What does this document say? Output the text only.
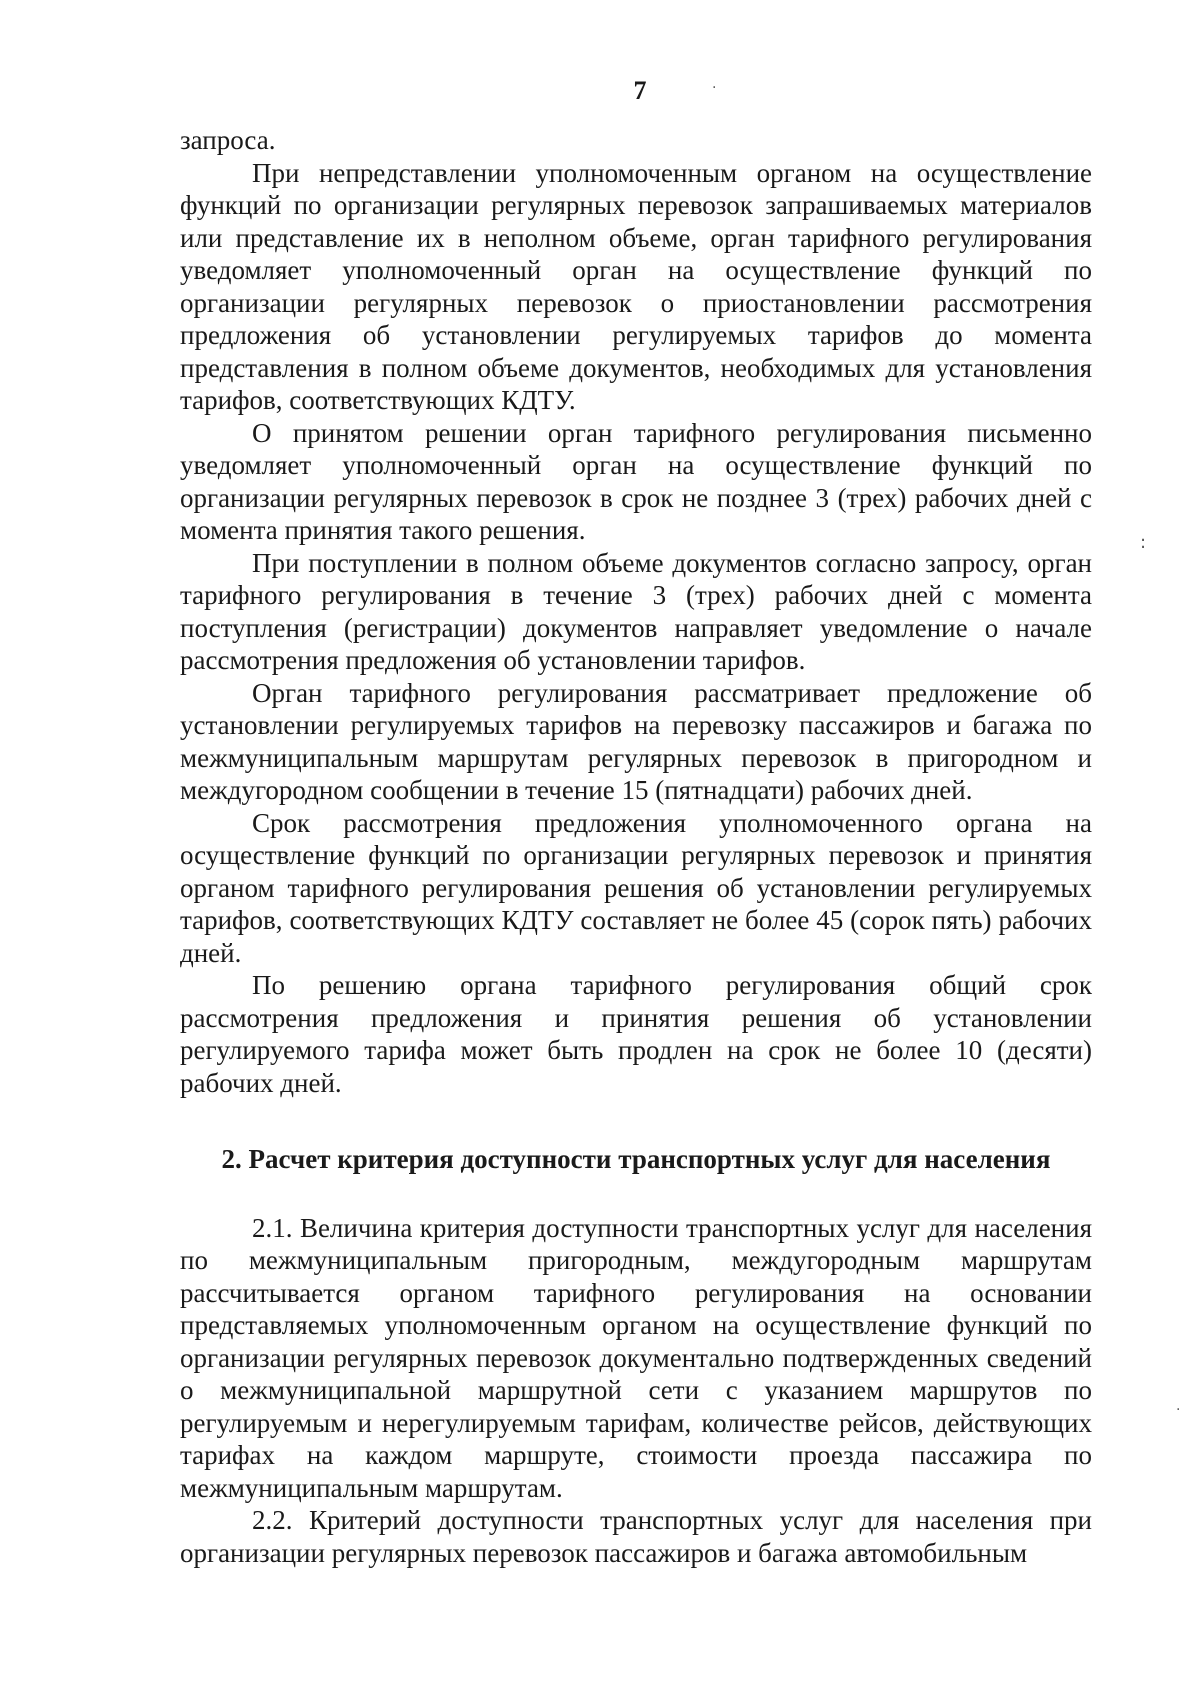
7	·
:
·

запроса.

При непредставлении уполномоченным органом на осуществление функций по организации регулярных перевозок запрашиваемых материалов или представление их в неполном объеме, орган тарифного регулирования уведомляет уполномоченный орган на осуществление функций по организации регулярных перевозок о приостановлении рассмотрения предложения об установлении регулируемых тарифов до момента представления в полном объеме документов, необходимых для установления тарифов, соответствующих КДТУ.

О принятом решении орган тарифного регулирования письменно уведомляет уполномоченный орган на осуществление функций по организации регулярных перевозок в срок не позднее 3 (трех) рабочих дней с момента принятия такого решения.

При поступлении в полном объеме документов согласно запросу, орган тарифного регулирования в течение 3 (трех) рабочих дней с момента поступления (регистрации) документов направляет уведомление о начале рассмотрения предложения об установлении тарифов.

Орган тарифного регулирования рассматривает предложение об установлении регулируемых тарифов на перевозку пассажиров и багажа по межмуниципальным маршрутам регулярных перевозок в пригородном и междугородном сообщении в течение 15 (пятнадцати) рабочих дней.

Срок рассмотрения предложения уполномоченного органа на осуществление функций по организации регулярных перевозок и принятия органом тарифного регулирования решения об установлении регулируемых тарифов, соответствующих КДТУ составляет не более 45 (сорок пять) рабочих дней.

По решению органа тарифного регулирования общий срок рассмотрения предложения и принятия решения об установлении регулируемого тарифа может быть продлен на срок не более 10 (десяти) рабочих дней.

2. Расчет критерия доступности транспортных услуг для населения

2.1. Величина критерия доступности транспортных услуг для населения по межмуниципальным пригородным, междугородным маршрутам рассчитывается органом тарифного регулирования на основании представляемых уполномоченным органом на осуществление функций по организации регулярных перевозок документально подтвержденных сведений о межмуниципальной маршрутной сети с указанием маршрутов по регулируемым и нерегулируемым тарифам, количестве рейсов, действующих тарифах на каждом маршруте, стоимости проезда пассажира по межмуниципальным маршрутам.

2.2. Критерий доступности транспортных услуг для населения при организации регулярных перевозок пассажиров и багажа автомобильным
